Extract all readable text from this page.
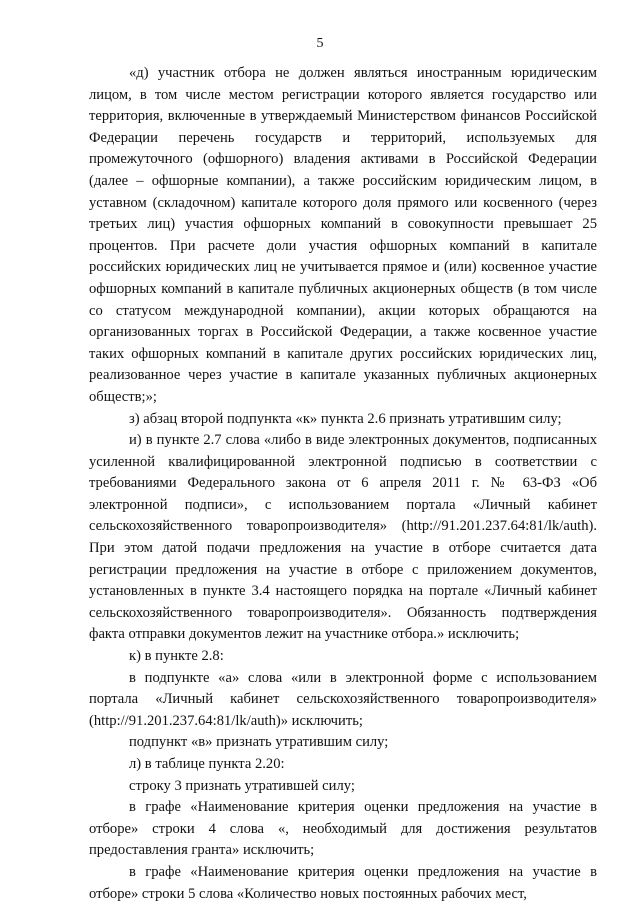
5

«д) участник отбора не должен являться иностранным юридическим лицом, в том числе местом регистрации которого является государство или территория, включенные в утверждаемый Министерством финансов Российской Федерации перечень государств и территорий, используемых для промежуточного (офшорного) владения активами в Российской Федерации (далее – офшорные компании), а также российским юридическим лицом, в уставном (складочном) капитале которого доля прямого или косвенного (через третьих лиц) участия офшорных компаний в совокупности превышает 25 процентов. При расчете доли участия офшорных компаний в капитале российских юридических лиц не учитывается прямое и (или) косвенное участие офшорных компаний в капитале публичных акционерных обществ (в том числе со статусом международной компании), акции которых обращаются на организованных торгах в Российской Федерации, а также косвенное участие таких офшорных компаний в капитале других российских юридических лиц, реализованное через участие в капитале указанных публичных акционерных обществ;»;

з) абзац второй подпункта «к» пункта 2.6 признать утратившим силу;

и) в пункте 2.7 слова «либо в виде электронных документов, подписанных усиленной квалифицированной электронной подписью в соответствии с требованиями Федерального закона от 6 апреля 2011 г. № 63-ФЗ «Об электронной подписи», с использованием портала «Личный кабинет сельскохозяйственного товаропроизводителя» (http://91.201.237.64:81/lk/auth). При этом датой подачи предложения на участие в отборе считается дата регистрации предложения на участие в отборе с приложением документов, установленных в пункте 3.4 настоящего порядка на портале «Личный кабинет сельскохозяйственного товаропроизводителя». Обязанность подтверждения факта отправки документов лежит на участнике отбора.» исключить;

к) в пункте 2.8:

в подпункте «а» слова «или в электронной форме с использованием портала «Личный кабинет сельскохозяйственного товаропроизводителя» (http://91.201.237.64:81/lk/auth)» исключить;

подпункт «в» признать утратившим силу;

л) в таблице пункта 2.20:

строку 3 признать утратившей силу;

в графе «Наименование критерия оценки предложения на участие в отборе» строки 4 слова «, необходимый для достижения результатов предоставления гранта» исключить;

в графе «Наименование критерия оценки предложения на участие в отборе» строки 5 слова «Количество новых постоянных рабочих мест,
